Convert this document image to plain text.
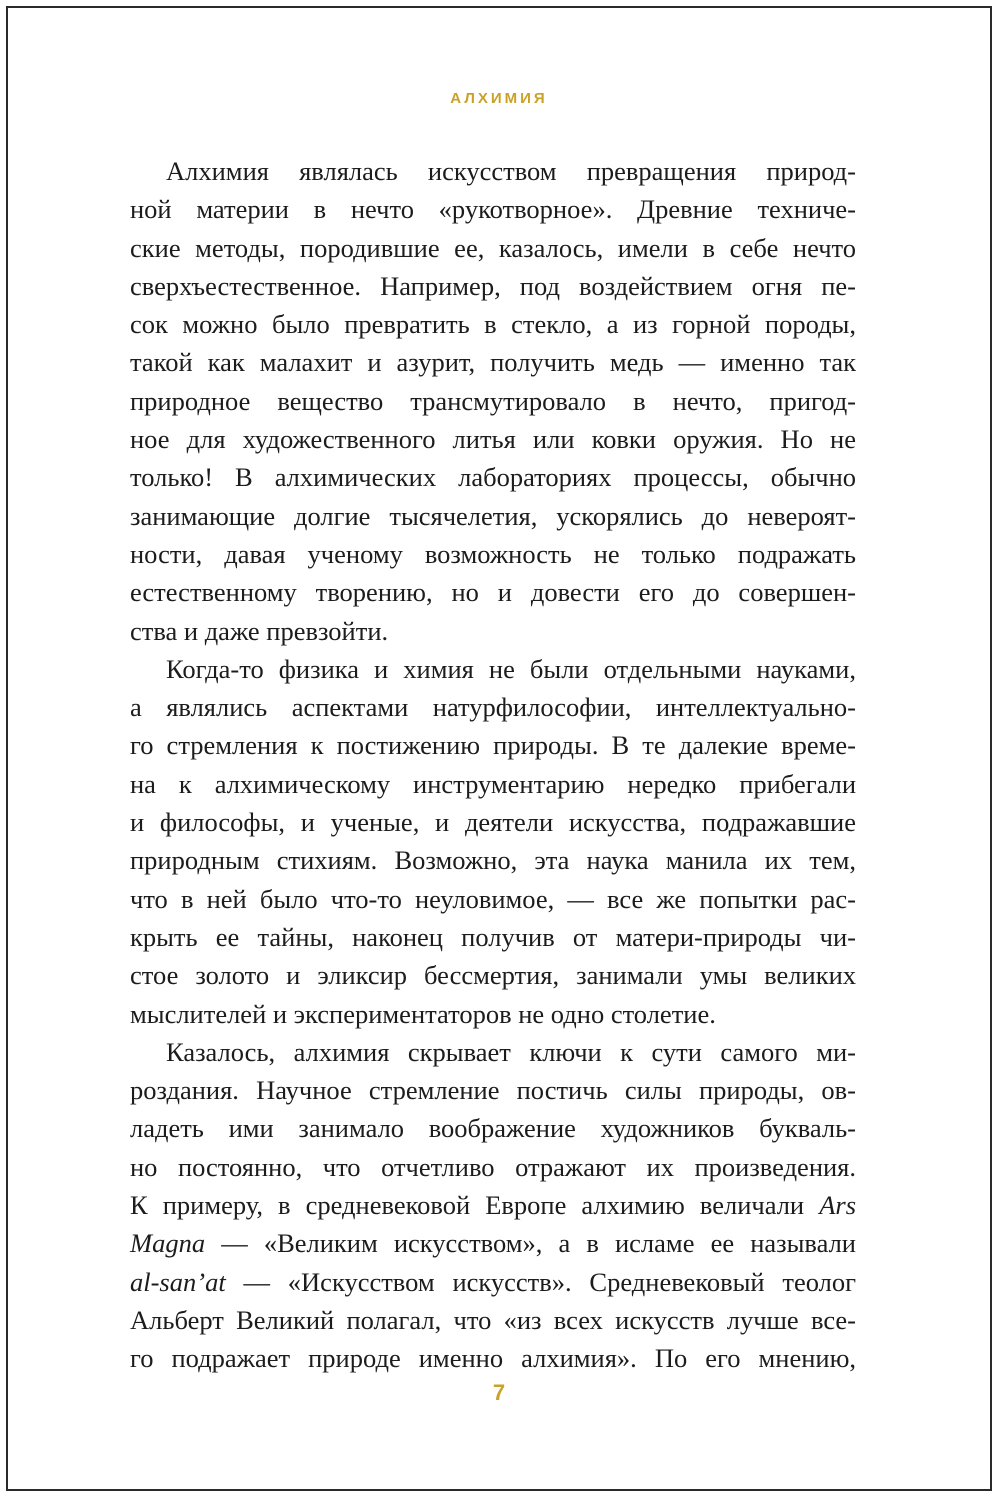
АЛХИМИЯ

Алхимия являлась искусством превращения природ-
ной материи в нечто «рукотворное». Древние техниче-
ские методы, породившие ее, казалось, имели в себе нечто
сверхъестественное. Например, под воздействием огня пе-
сок можно было превратить в стекло, а из горной породы,
такой как малахит и азурит, получить медь — именно так
природное вещество трансмутировало в нечто, пригод-
ное для художественного литья или ковки оружия. Но не
только! В алхимических лабораториях процессы, обычно
занимающие долгие тысячелетия, ускорялись до невероят-
ности, давая ученому возможность не только подражать
естественному творению, но и довести его до совершен-
ства и даже превзойти.

Когда-то физика и химия не были отдельными науками,
а являлись аспектами натурфилософии, интеллектуально-
го стремления к постижению природы. В те далекие време-
на к алхимическому инструментарию нередко прибегали
и философы, и ученые, и деятели искусства, подражавшие
природным стихиям. Возможно, эта наука манила их тем,
что в ней было что-то неуловимое, — все же попытки рас-
крыть ее тайны, наконец получив от матери-природы чи-
стое золото и эликсир бессмертия, занимали умы великих
мыслителей и экспериментаторов не одно столетие.

Казалось, алхимия скрывает ключи к сути самого ми-
роздания. Научное стремление постичь силы природы, ов-
ладеть ими занимало воображение художников букваль-
но постоянно, что отчетливо отражают их произведения.
К примеру, в средневековой Европе алхимию величали Ars
Magna — «Великим искусством», а в исламе ее называли
al-san’at — «Искусством искусств». Средневековый теолог
Альберт Великий полагал, что «из всех искусств лучше все-
го подражает природе именно алхимия». По его мнению,

7
